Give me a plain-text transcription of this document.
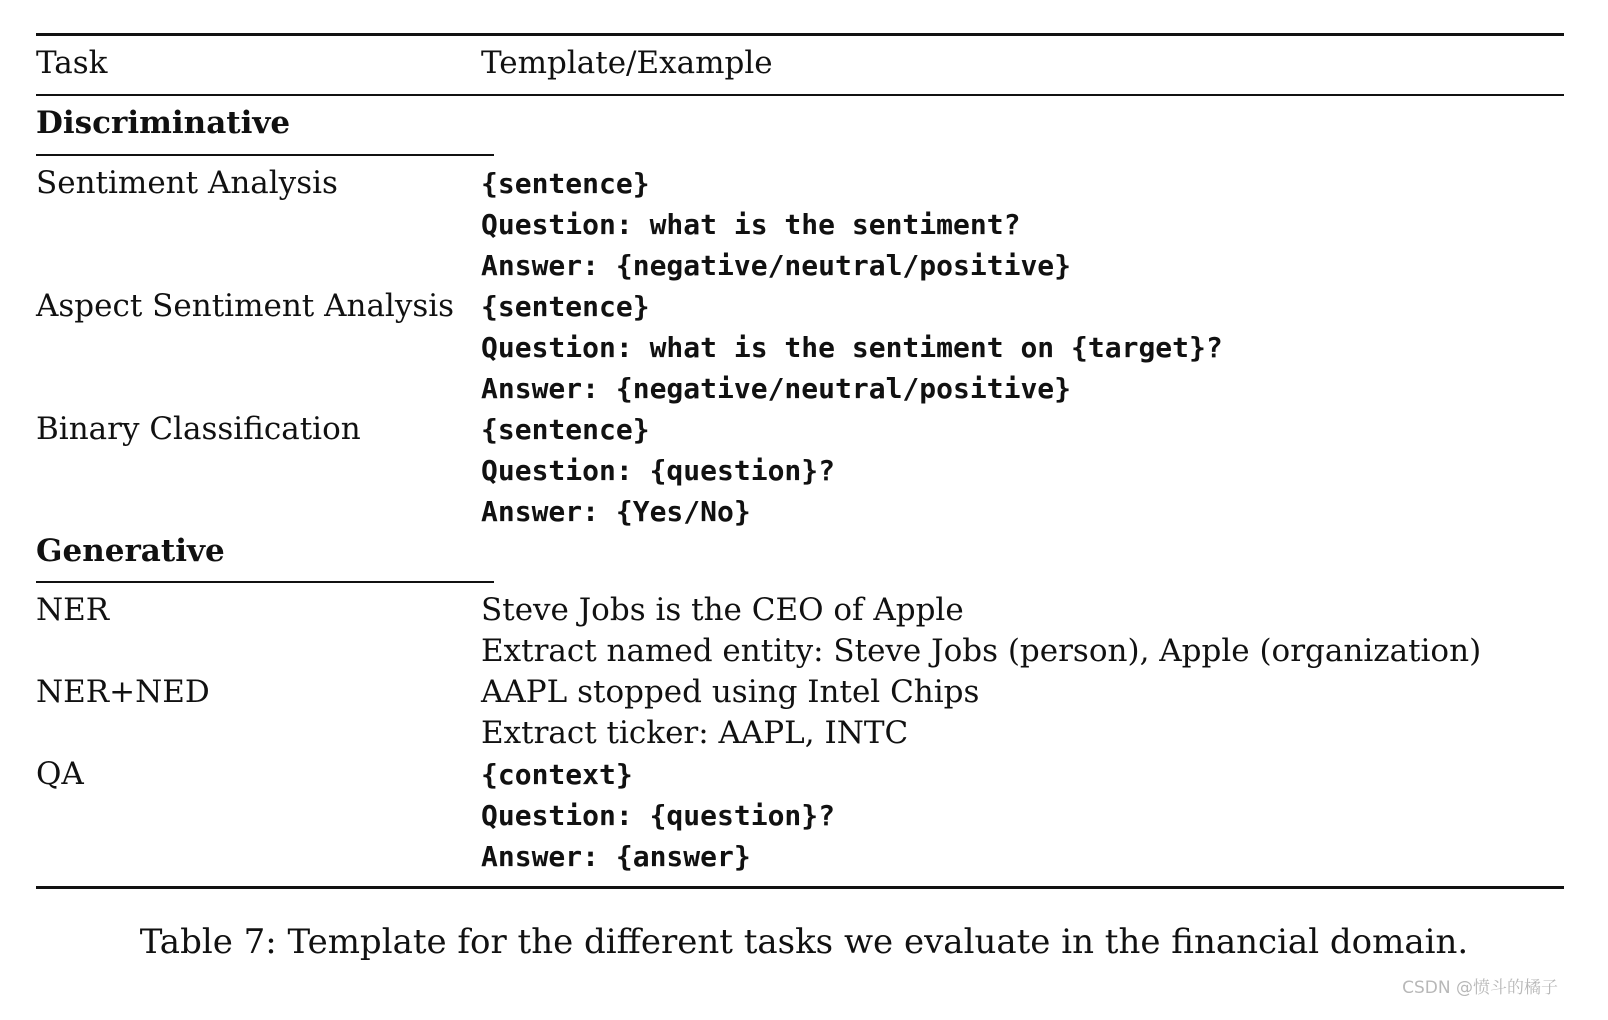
Task	Template/Example
Discriminative
Sentiment Analysis	{sentence}
Question: what is the sentiment?
Answer: {negative/neutral/positive}
Aspect Sentiment Analysis {sentence}
Question: what is the sentiment on {target}?
Answer: {negative/neutral/positive}
Binary Classification	{sentence}
Question: {question}?
Answer: {Yes/No}
Generative
NER	Steve Jobs is the CEO of Apple
Extract named entity: Steve Jobs (person), Apple (organization)
NER+NED	AAPL stopped using Intel Chips
Extract ticker: AAPL, INTC
QA	{context}
Question: {question}?
Answer: {answer}
Table 7: Template for the different tasks we evaluate in the financial domain.
CSDN @愤斗的橘子
